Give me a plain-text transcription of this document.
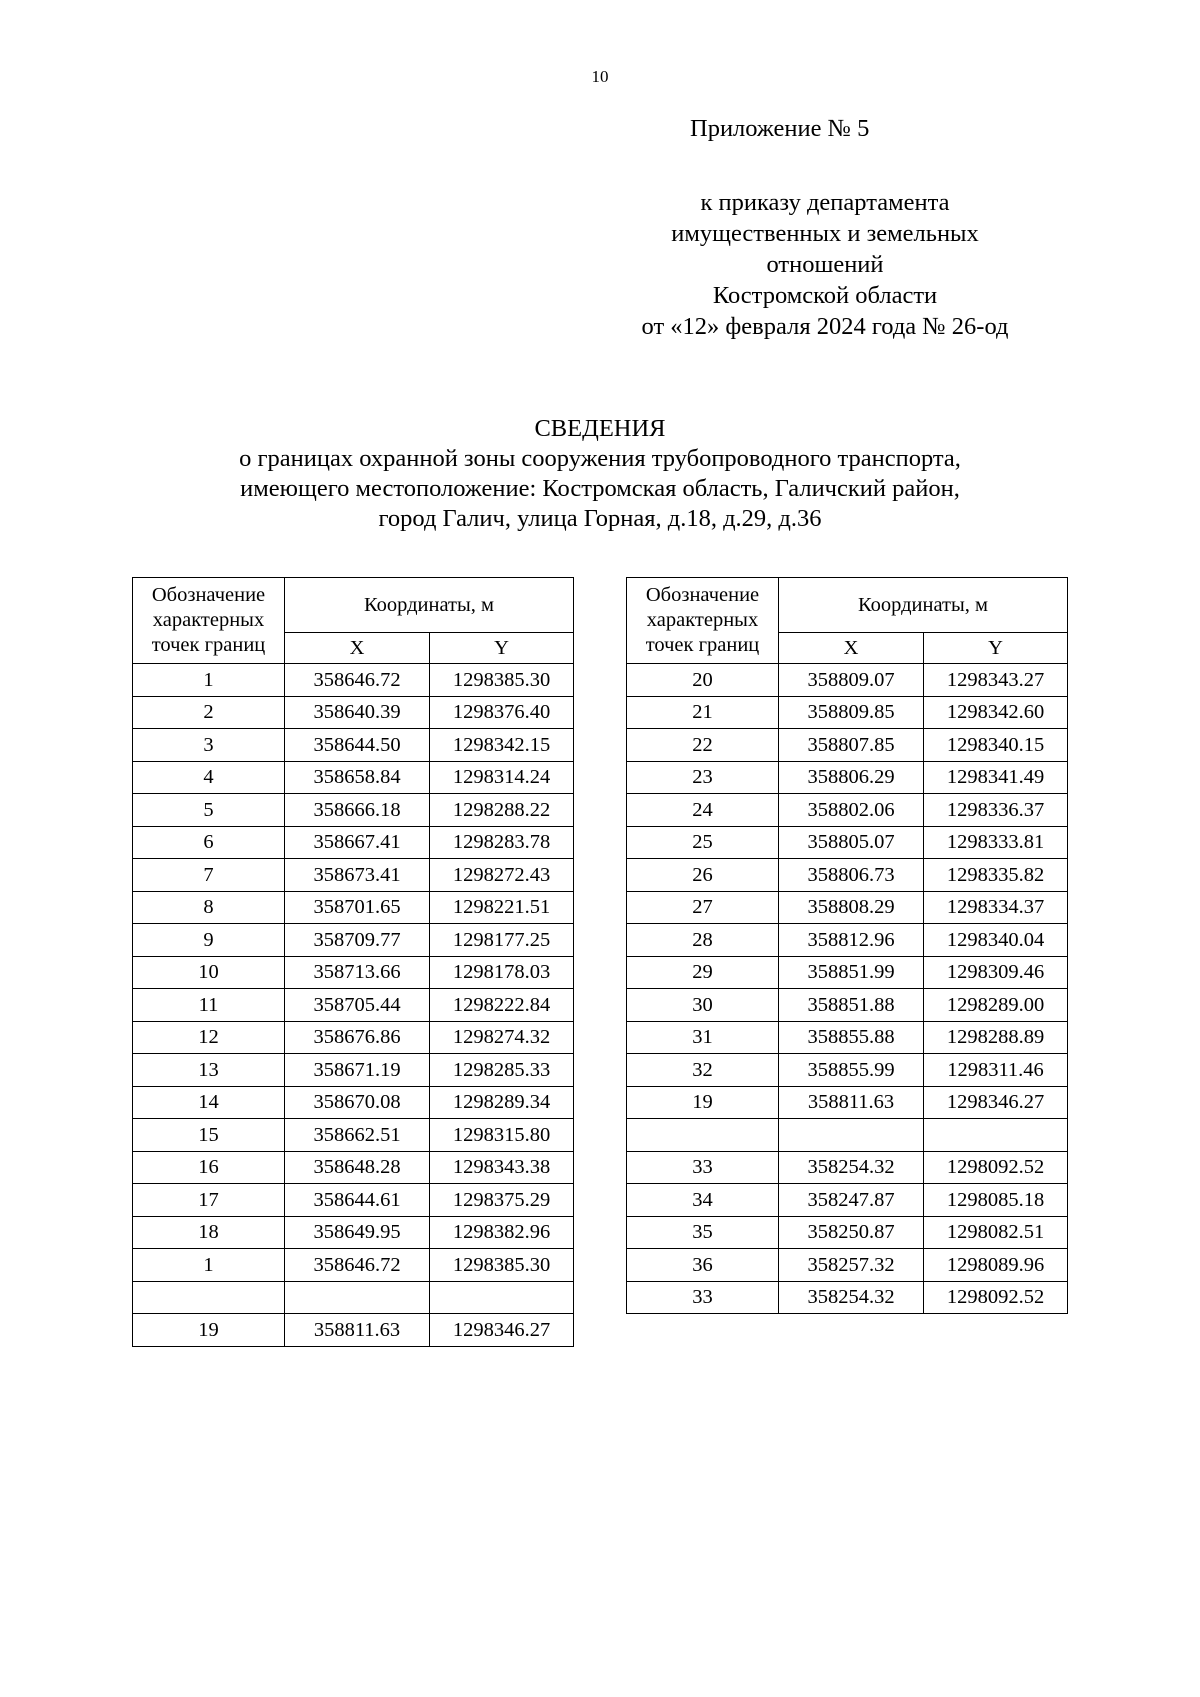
10
Приложение № 5
к приказу департамента
имущественных и земельных
отношений
Костромской области
от «12» февраля 2024 года № 26-од
СВЕДЕНИЯ
о границах охранной зоны сооружения трубопроводного транспорта,
имеющего местоположение: Костромская область, Галичский район,
город Галич, улица Горная, д.18, д.29, д.36
Обозначение
характерных
точек границ	Координаты, м	
	X	Y
1	358646.72	1298385.30
2	358640.39	1298376.40
3	358644.50	1298342.15
4	358658.84	1298314.24
5	358666.18	1298288.22
6	358667.41	1298283.78
7	358673.41	1298272.43
8	358701.65	1298221.51
9	358709.77	1298177.25
10	358713.66	1298178.03
11	358705.44	1298222.84
12	358676.86	1298274.32
13	358671.19	1298285.33
14	358670.08	1298289.34
15	358662.51	1298315.80
16	358648.28	1298343.38
17	358644.61	1298375.29
18	358649.95	1298382.96
1	358646.72	1298385.30

19	358811.63	1298346.27
Обозначение
характерных
точек границ	Координаты, м	
	X	Y
20	358809.07	1298343.27
21	358809.85	1298342.60
22	358807.85	1298340.15
23	358806.29	1298341.49
24	358802.06	1298336.37
25	358805.07	1298333.81
26	358806.73	1298335.82
27	358808.29	1298334.37
28	358812.96	1298340.04
29	358851.99	1298309.46
30	358851.88	1298289.00
31	358855.88	1298288.89
32	358855.99	1298311.46
19	358811.63	1298346.27

33	358254.32	1298092.52
34	358247.87	1298085.18
35	358250.87	1298082.51
36	358257.32	1298089.96
33	358254.32	1298092.52
